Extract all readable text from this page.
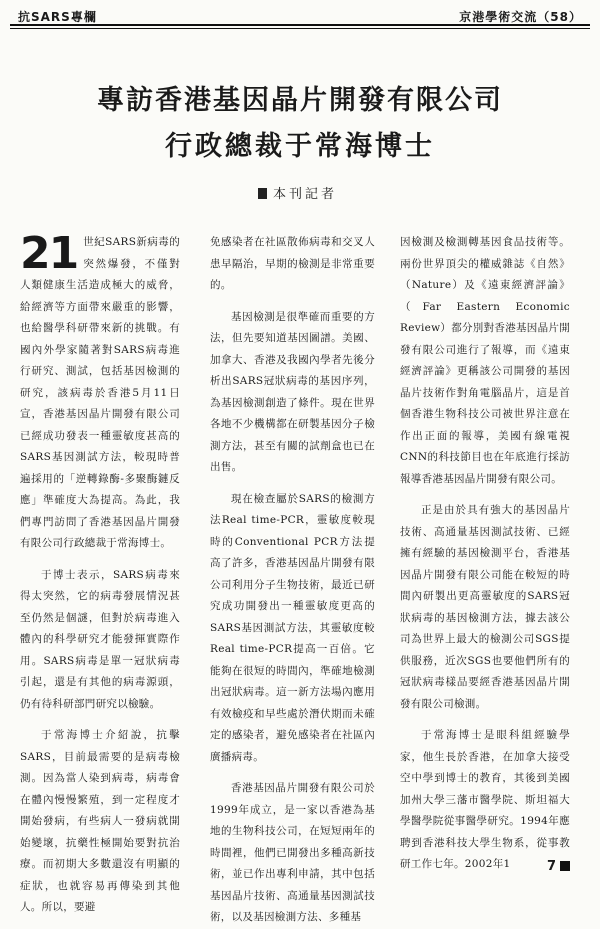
抗SARS專欄	京港學術交流（58）
專訪香港基因晶片開發有限公司
行政總裁于常海博士
本刊記者

21 世紀SARS新病毒的突然爆發，不僅對人類健康生活造成極大的威脅，給經濟等方面帶來嚴重的影響，也給醫學科研帶來新的挑戰。有國內外學家隨著對SARS病毒進行研究、測試，包括基因檢測的研究，該病毒於香港5月11日宣，香港基因晶片開發有限公司已經成功發表一種靈敏度甚高的SARS基因測試方法，較現時普遍採用的「逆轉錄酶-多聚酶鏈反應」準確度大為提高。為此，我們專門訪問了香港基因晶片開發有限公司行政總裁于常海博士。

于博士表示，SARS病毒來得太突然，它的病毒發展情況甚至仍然是個謎，但對於病毒進入體內的科學研究才能發揮實際作用。SARS病毒是單一冠狀病毒引起，還是有其他的病毒源頭，仍有待科研部門研究以檢驗。

于常海博士介紹說，抗擊SARS，目前最需要的是病毒檢測。因為當人染到病毒，病毒會在體內慢慢繁殖，到一定程度才開始發病，有些病人一發病就開始變壞，抗藥性極開始要對抗治療。而初期大多數還沒有明顯的症狀，也就容易再傳染到其他人。所以，要避

免感染者在社區散佈病毒和交叉人患早隔治，早期的檢測是非常重要的。

基因檢測是很準確而重要的方法，但先要知道基因圖譜。美國、加拿大、香港及我國內學者先後分析出SARS冠狀病毒的基因序列，為基因檢測創造了條件。現在世界各地不少機構都在研製基因分子檢測方法，甚至有關的試劑盒也已在出售。

現在檢查屬於SARS的檢測方法Real time-PCR，靈敏度較現時的Conventional PCR方法提高了許多，香港基因晶片開發有限公司利用分子生物技術，最近已研究成功開發出一種靈敏度更高的SARS基因測試方法，其靈敏度較Real time-PCR提高一百倍。它能夠在很短的時間內，準確地檢測出冠狀病毒。這一新方法場內應用有效檢疫和早些處於潛伏期而未確定的感染者，避免感染者在社區內廣播病毒。

香港基因晶片開發有限公司於1999年成立，是一家以香港為基地的生物科技公司，在短短兩年的時間裡，他們已開發出多種高新技術，並已作出專利申請，其中包括基因晶片技術、高通量基因測試技術，以及基因檢測方法、多種基

因檢測及檢測轉基因食品技術等。兩份世界頂尖的權威雜誌《自然》（Nature）及《遠東經濟評論》（Far Eastern Economic Review）都分別對香港基因晶片開發有限公司進行了報導，而《遠東經濟評論》更稱該公司開發的基因晶片技術作對角電腦晶片，這是首個香港生物科技公司被世界注意在作出正面的報導，美國有線電視CNN的科技節目也在年底進行採訪報導香港基因晶片開發有限公司。

正是由於具有強大的基因晶片技術、高通量基因測試技術、已經擁有經驗的基因檢測平台，香港基因晶片開發有限公司能在較短的時間內研製出更高靈敏度的SARS冠狀病毒的基因檢測方法，據去該公司為世界上最大的檢測公司SGS提供服務，近次SGS也要他們所有的冠狀病毒樣品要經香港基因晶片開發有限公司檢測。

于常海博士是眼科組經驗學家，他生長於香港，在加拿大接受空中學到博士的教育，其後到美國加州大學三藩市醫學院、斯坦福大學醫學院從事醫學研究。1994年應聘到香港科技大學生物系，從事教研工作七年。2002年1	7
